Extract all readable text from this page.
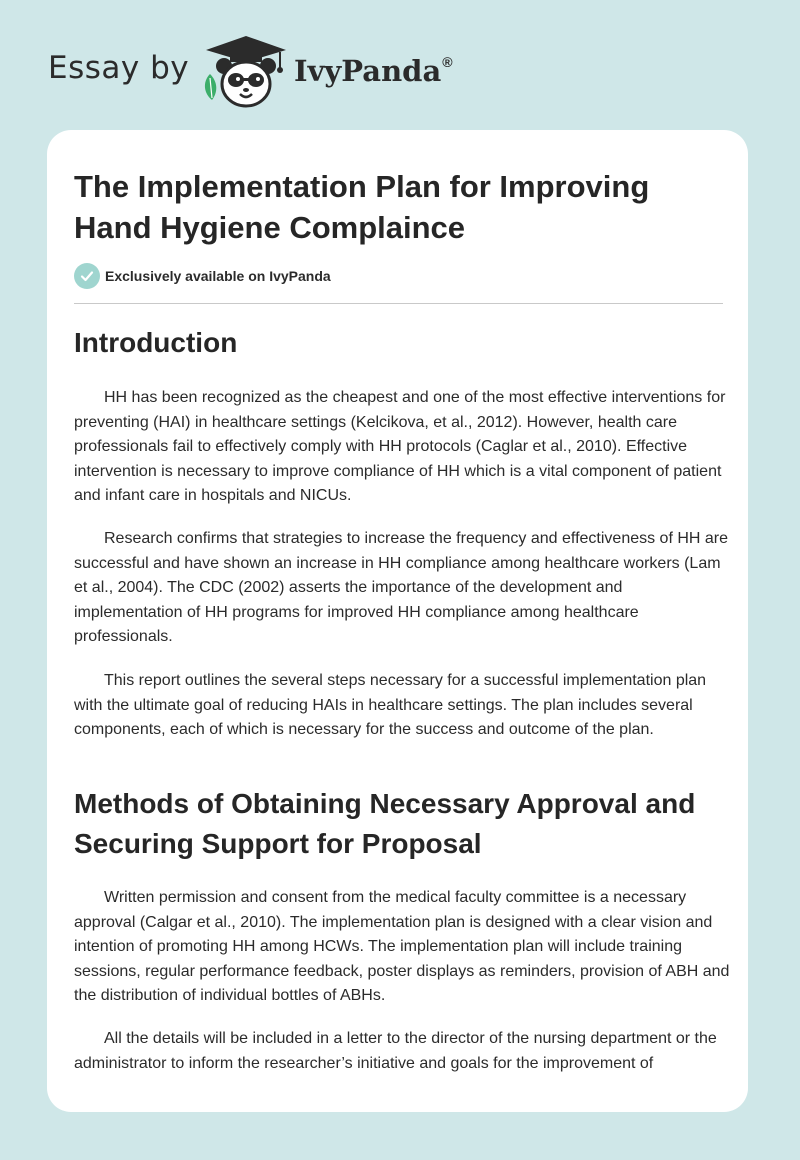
Essay by	IvyPanda®
The Implementation Plan for Improving Hand Hygiene Complaince
Exclusively available on IvyPanda
Introduction

HH has been recognized as the cheapest and one of the most effective interventions for preventing (HAI) in healthcare settings (Kelcikova, et al., 2012). However, health care professionals fail to effectively comply with HH protocols (Caglar et al., 2010). Effective intervention is necessary to improve compliance of HH which is a vital component of patient and infant care in hospitals and NICUs.

Research confirms that strategies to increase the frequency and effectiveness of HH are successful and have shown an increase in HH compliance among healthcare workers (Lam et al., 2004). The CDC (2002) asserts the importance of the development and implementation of HH programs for improved HH compliance among healthcare professionals.

This report outlines the several steps necessary for a successful implementation plan with the ultimate goal of reducing HAIs in healthcare settings. The plan includes several components, each of which is necessary for the success and outcome of the plan.

Methods of Obtaining Necessary Approval and Securing Support for Proposal

Written permission and consent from the medical faculty committee is a necessary approval (Calgar et al., 2010). The implementation plan is designed with a clear vision and intention of promoting HH among HCWs. The implementation plan will include training sessions, regular performance feedback, poster displays as reminders, provision of ABH and the distribution of individual bottles of ABHs.

All the details will be included in a letter to the director of the nursing department or the administrator to inform the researcher’s initiative and goals for the improvement of
